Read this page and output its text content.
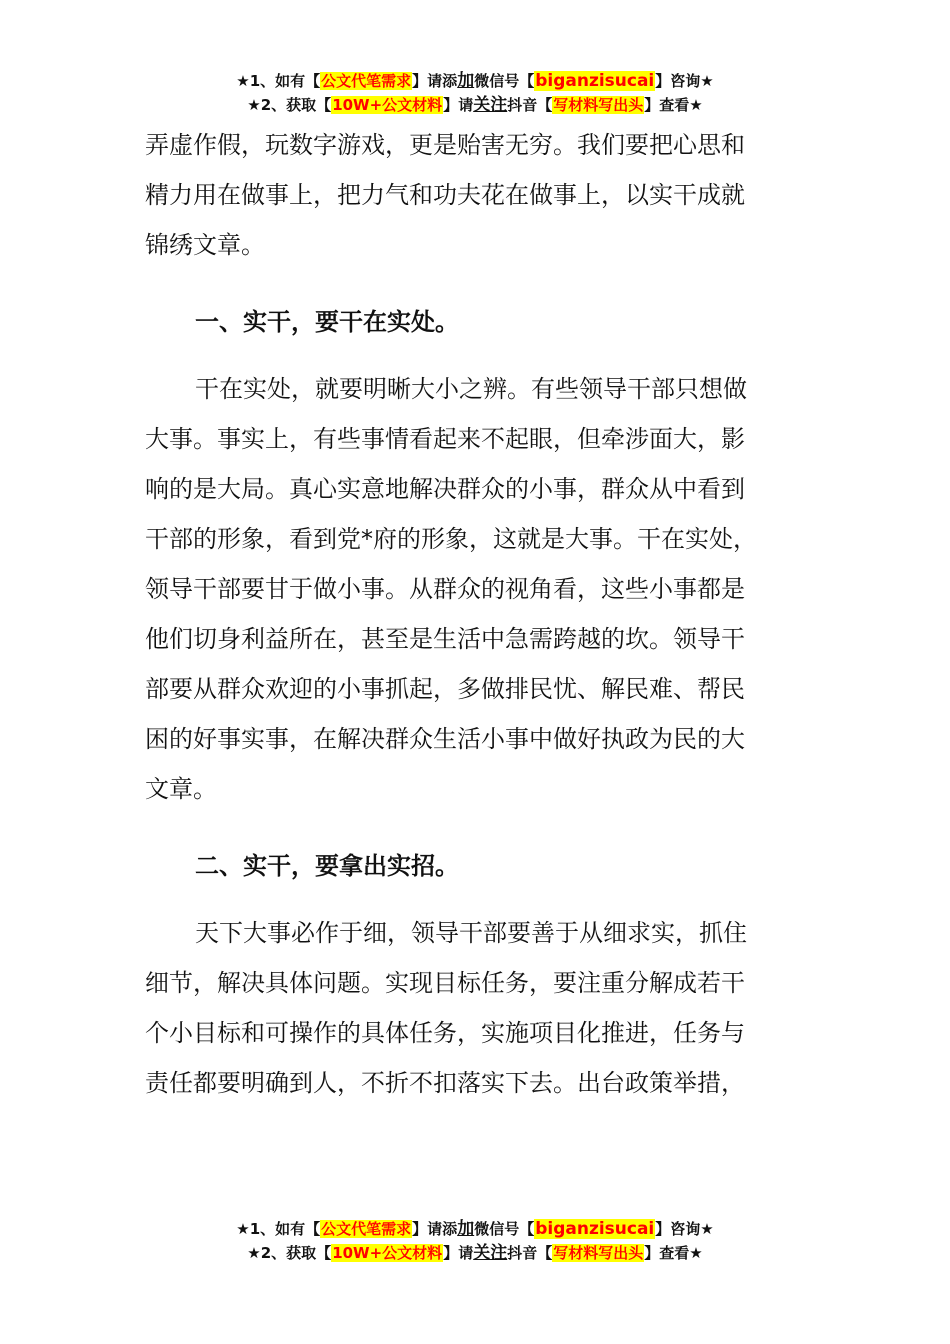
★1、如有【公文代笔需求】请添加微信号【biganzisucai】咨询★
★2、获取【10W+公文材料】请关注抖音【写材料写出头】查看★
弄虚作假，玩数字游戏，更是贻害无穷。我们要把心思和
精力用在做事上，把力气和功夫花在做事上，以实干成就
锦绣文章。
一、实干，要干在实处。
干在实处，就要明晰大小之辨。有些领导干部只想做
大事。事实上，有些事情看起来不起眼，但牵涉面大，影
响的是大局。真心实意地解决群众的小事，群众从中看到
干部的形象，看到党*府的形象，这就是大事。干在实处，
领导干部要甘于做小事。从群众的视角看，这些小事都是
他们切身利益所在，甚至是生活中急需跨越的坎。领导干
部要从群众欢迎的小事抓起，多做排民忧、解民难、帮民
困的好事实事，在解决群众生活小事中做好执政为民的大
文章。
二、实干，要拿出实招。
天下大事必作于细，领导干部要善于从细求实，抓住
细节，解决具体问题。实现目标任务，要注重分解成若干
个小目标和可操作的具体任务，实施项目化推进，任务与
责任都要明确到人，不折不扣落实下去。出台政策举措，
★1、如有【公文代笔需求】请添加微信号【biganzisucai】咨询★
★2、获取【10W+公文材料】请关注抖音【写材料写出头】查看★
